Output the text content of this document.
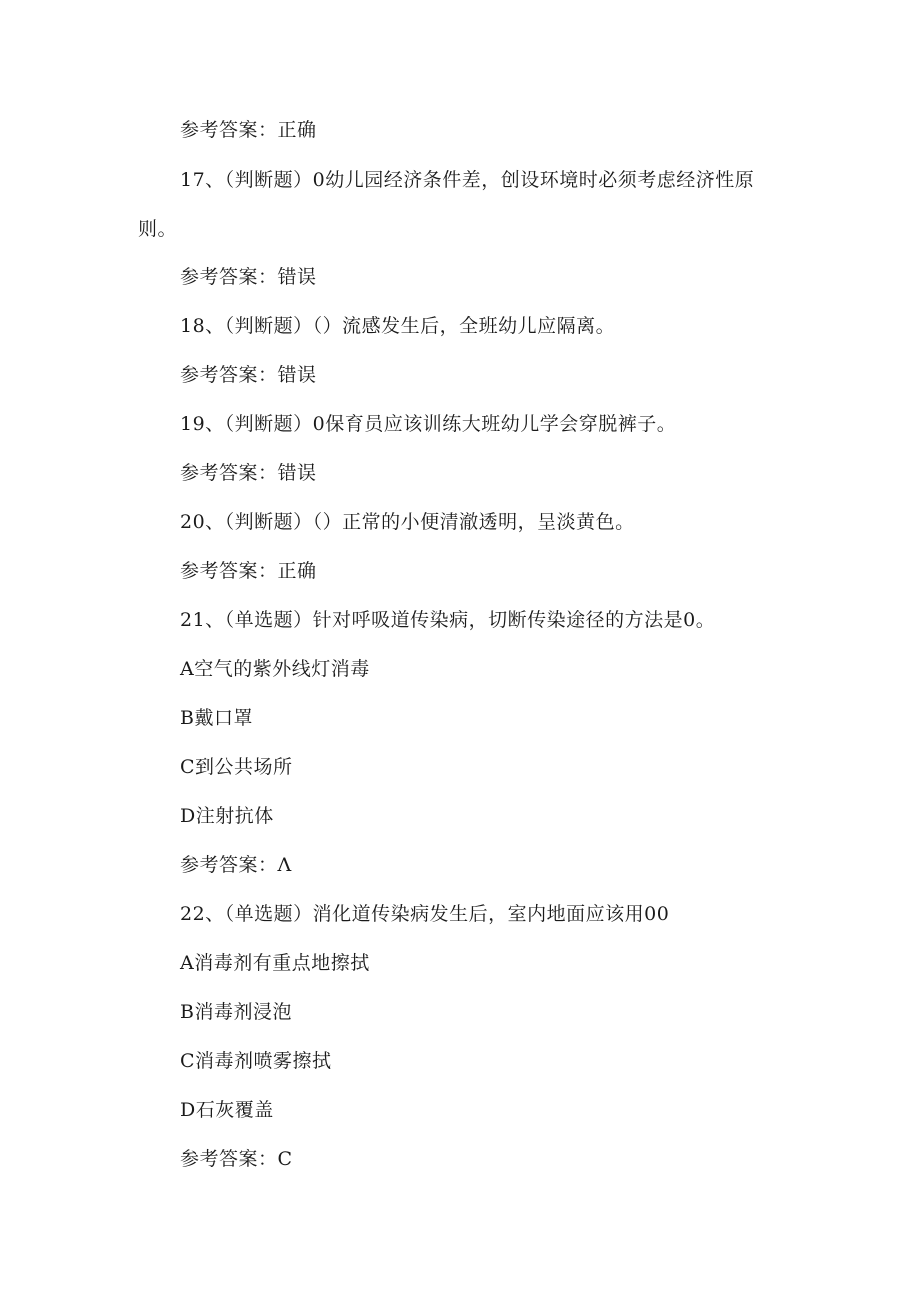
参考答案：正确
17、（判断题）0幼儿园经济条件差，创设环境时必须考虑经济性原
则。
参考答案：错误
18、（判断题）（）流感发生后，全班幼儿应隔离。
参考答案：错误
19、（判断题）0保育员应该训练大班幼儿学会穿脱裤子。
参考答案：错误
20、（判断题）（）正常的小便清澈透明，呈淡黄色。
参考答案：正确
21、（单选题）针对呼吸道传染病，切断传染途径的方法是0。
A空气的紫外线灯消毒
B戴口罩
C到公共场所
D注射抗体
参考答案：Λ
22、（单选题）消化道传染病发生后，室内地面应该用00
A消毒剂有重点地擦拭
B消毒剂浸泡
C消毒剂喷雾擦拭
D石灰覆盖
参考答案：C
